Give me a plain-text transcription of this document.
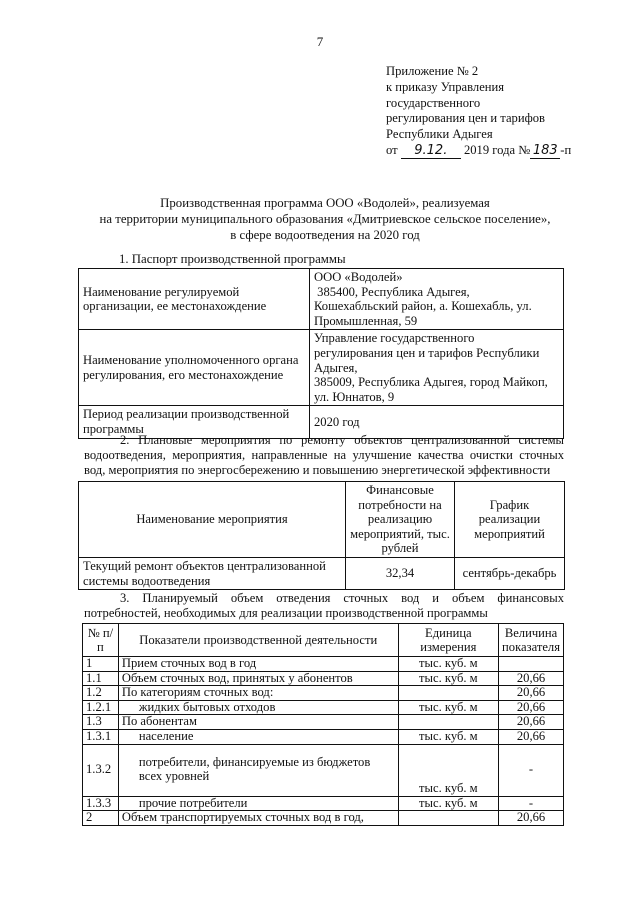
7
Приложение № 2
к приказу Управления
государственного
регулирования цен и тарифов
Республики Адыгея
от 9.12. 2019 года № 183 -п
Производственная программа ООО «Водолей», реализуемая
на территории муниципального образования «Дмитриевское сельское поселение»,
в сфере водоотведения на 2020 год
1. Паспорт производственной программы
Наименование регулируемой организации, ее местонахождение	ООО «Водолей»
385400, Республика Адыгея,
Кошехабльский район, а. Кошехабль, ул.
Промышленная, 59

Наименование уполномоченного органа регулирования, его местонахождение	Управление государственного
регулирования цен и тарифов Республики
Адыгея,
385009, Республика Адыгея, город Майкоп,
ул. Юннатов, 9

Период реализации производственной программы	2020 год
2. Плановые мероприятия по ремонту объектов централизованной системы водоотведения, мероприятия, направленные на улучшение качества очистки сточных вод, мероприятия по энергосбережению и повышению энергетической эффективности
Наименование мероприятия	Финансовые потребности на реализацию мероприятий, тыс. рублей	График реализации мероприятий
Текущий ремонт объектов централизованной системы водоотведения	32,34	сентябрь-декабрь
3. Планируемый объем отведения сточных вод и объем финансовых потребностей, необходимых для реализации производственной программы
№ п/п	Показатели производственной деятельности	Единица измерения	Величина показателя
1	Прием сточных вод в год	тыс. куб. м	
1.1	Объем сточных вод, принятых у абонентов	тыс. куб. м	20,66
1.2	По категориям сточных вод:		20,66
1.2.1	жидких бытовых отходов	тыс. куб. м	20,66
1.3	По абонентам		20,66
1.3.1	население	тыс. куб. м	20,66
1.3.2	потребители, финансируемые из бюджетов всех уровней	тыс. куб. м	-
1.3.3	прочие потребители	тыс. куб. м	-
2	Объем транспортируемых сточных вод в год,		20,66
